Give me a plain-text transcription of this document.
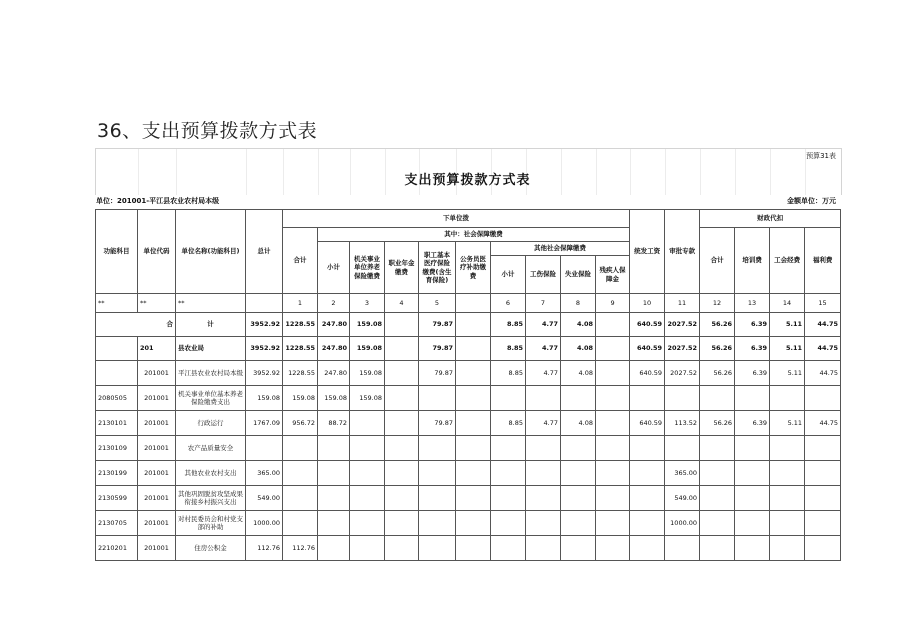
36、支出预算拨款方式表
预算31表
支出预算拨款方式表
单位：201001-平江县农业农村局本级	金额单位：万元
功能科目	单位代码	单位名称(功能科目)	总计	下单位拨										统发工资	审批专款	财政代扣			
				合计	其中：社会保障缴费											合计	培训费	工会经费	福利费
					小计	机关事业单位养老保险缴费	职业年金缴费	职工基本医疗保险缴费(含生育保险)	公务员医疗补助缴费	其他社会保障缴费									
										小计	工伤保险	失业保险	残疾人保障金						
**	**	**		1	2	3	4	5		6	7	8	9	10	11	12	13	14	15
合		计	3952.92	1228.55	247.80	159.08		79.87		8.85	4.77	4.08		640.59	2027.52	56.26	6.39	5.11	44.75
	201	县农业局	3952.92	1228.55	247.80	159.08		79.87		8.85	4.77	4.08		640.59	2027.52	56.26	6.39	5.11	44.75
	201001	平江县农业农村局本级	3952.92	1228.55	247.80	159.08		79.87		8.85	4.77	4.08		640.59	2027.52	56.26	6.39	5.11	44.75
2080505	201001	机关事业单位基本养老保险缴费支出	159.08	159.08	159.08	159.08													
2130101	201001	行政运行	1767.09	956.72	88.72			79.87		8.85	4.77	4.08		640.59	113.52	56.26	6.39	5.11	44.75
2130109	201001	农产品质量安全																	
2130199	201001	其他农业农村支出	365.00												365.00				
2130599	201001	其他巩固脱贫攻坚成果衔接乡村振兴支出	549.00												549.00				
2130705	201001	对村民委员会和村党支部的补助	1000.00												1000.00				
2210201	201001	住房公积金	112.76	112.76															
